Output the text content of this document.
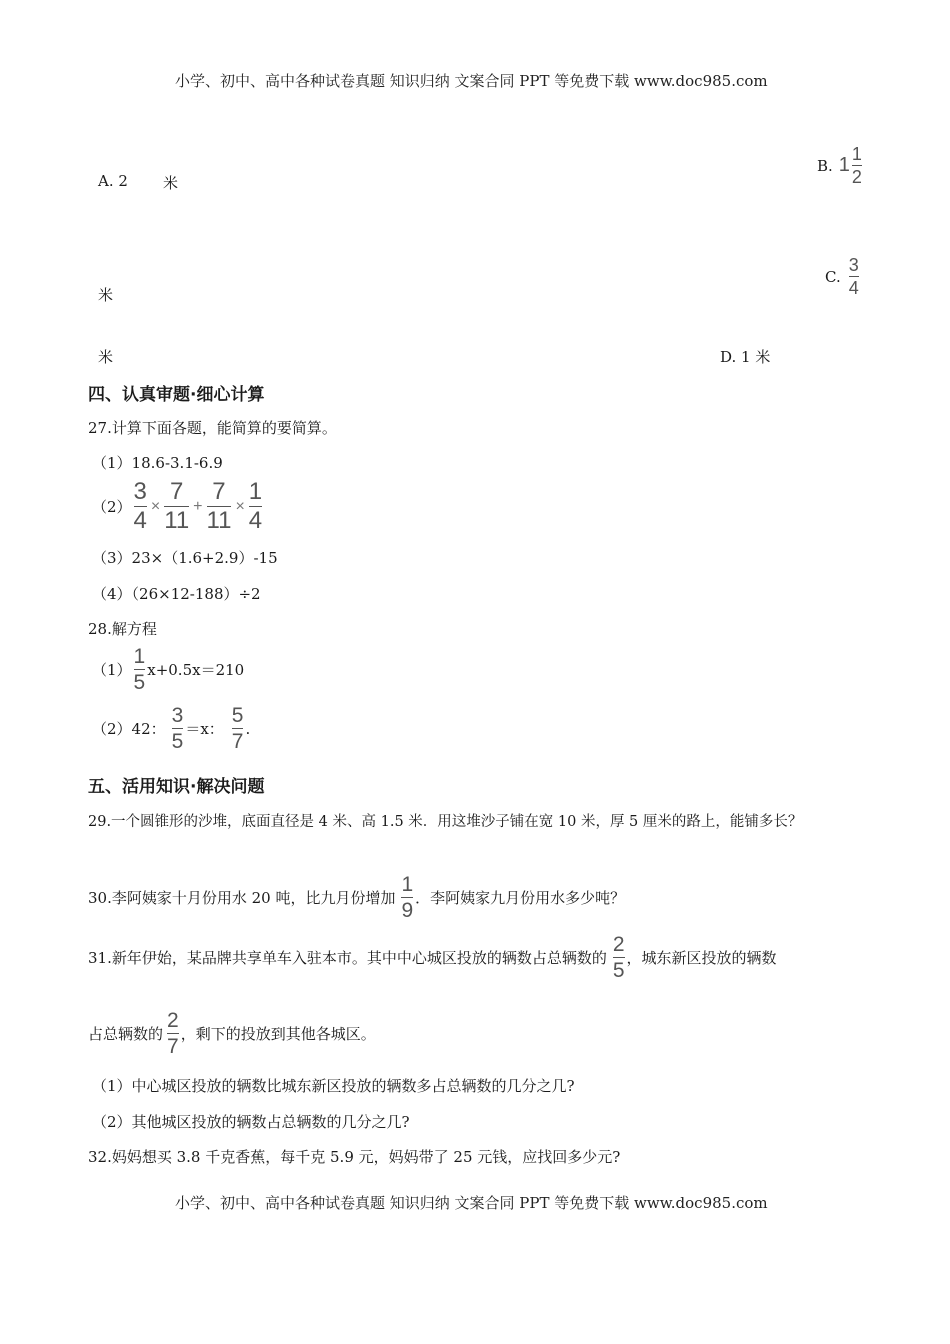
小学、初中、高中各种试卷真题 知识归纳 文案合同 PPT 等免费下载 www.doc985.com
A. 2 米
B. $1 \frac{1}{2}$
米
C. $\frac{3}{4}$
米	D. 1 米
四、认真审题·细心计算
27.计算下面各题，能简算的要简算。
（1）18.6-3.1-6.9
$(2) \frac{3}{4} \times \frac{7}{11} + \frac{7}{11} \times \frac{1}{4}$
（3）23×（1.6+2.9）-15
（4）（26×12-188）÷2
28.解方程
$(1) \frac{1}{5} x+0.5x=210$
（2）42： $\frac{3}{5} =x$： $\frac{5}{7}$ .
五、活用知识·解决问题
29.一个圆锥形的沙堆，底面直径是 4 米、高 1.5 米．用这堆沙子铺在宽 10 米，厚 5 厘米的路上，能铺多长？
30.李阿姨家十月份用水 20 吨，比九月份增加 $\frac{1}{9}$ ．李阿姨家九月份用水多少吨？
31.新年伊始，某品牌共享单车入驻本市。其中中心城区投放的辆数占总辆数的 $\frac{2}{5}$ ，城东新区投放的辆数
占总辆数的 $\frac{2}{7}$ ，剩下的投放到其他各城区。
（1）中心城区投放的辆数比城东新区投放的辆数多占总辆数的几分之几?
（2）其他城区投放的辆数占总辆数的几分之几?
32.妈妈想买 3.8 千克香蕉，每千克 5.9 元，妈妈带了 25 元钱，应找回多少元?
小学、初中、高中各种试卷真题 知识归纳 文案合同 PPT 等免费下载 www.doc985.com
